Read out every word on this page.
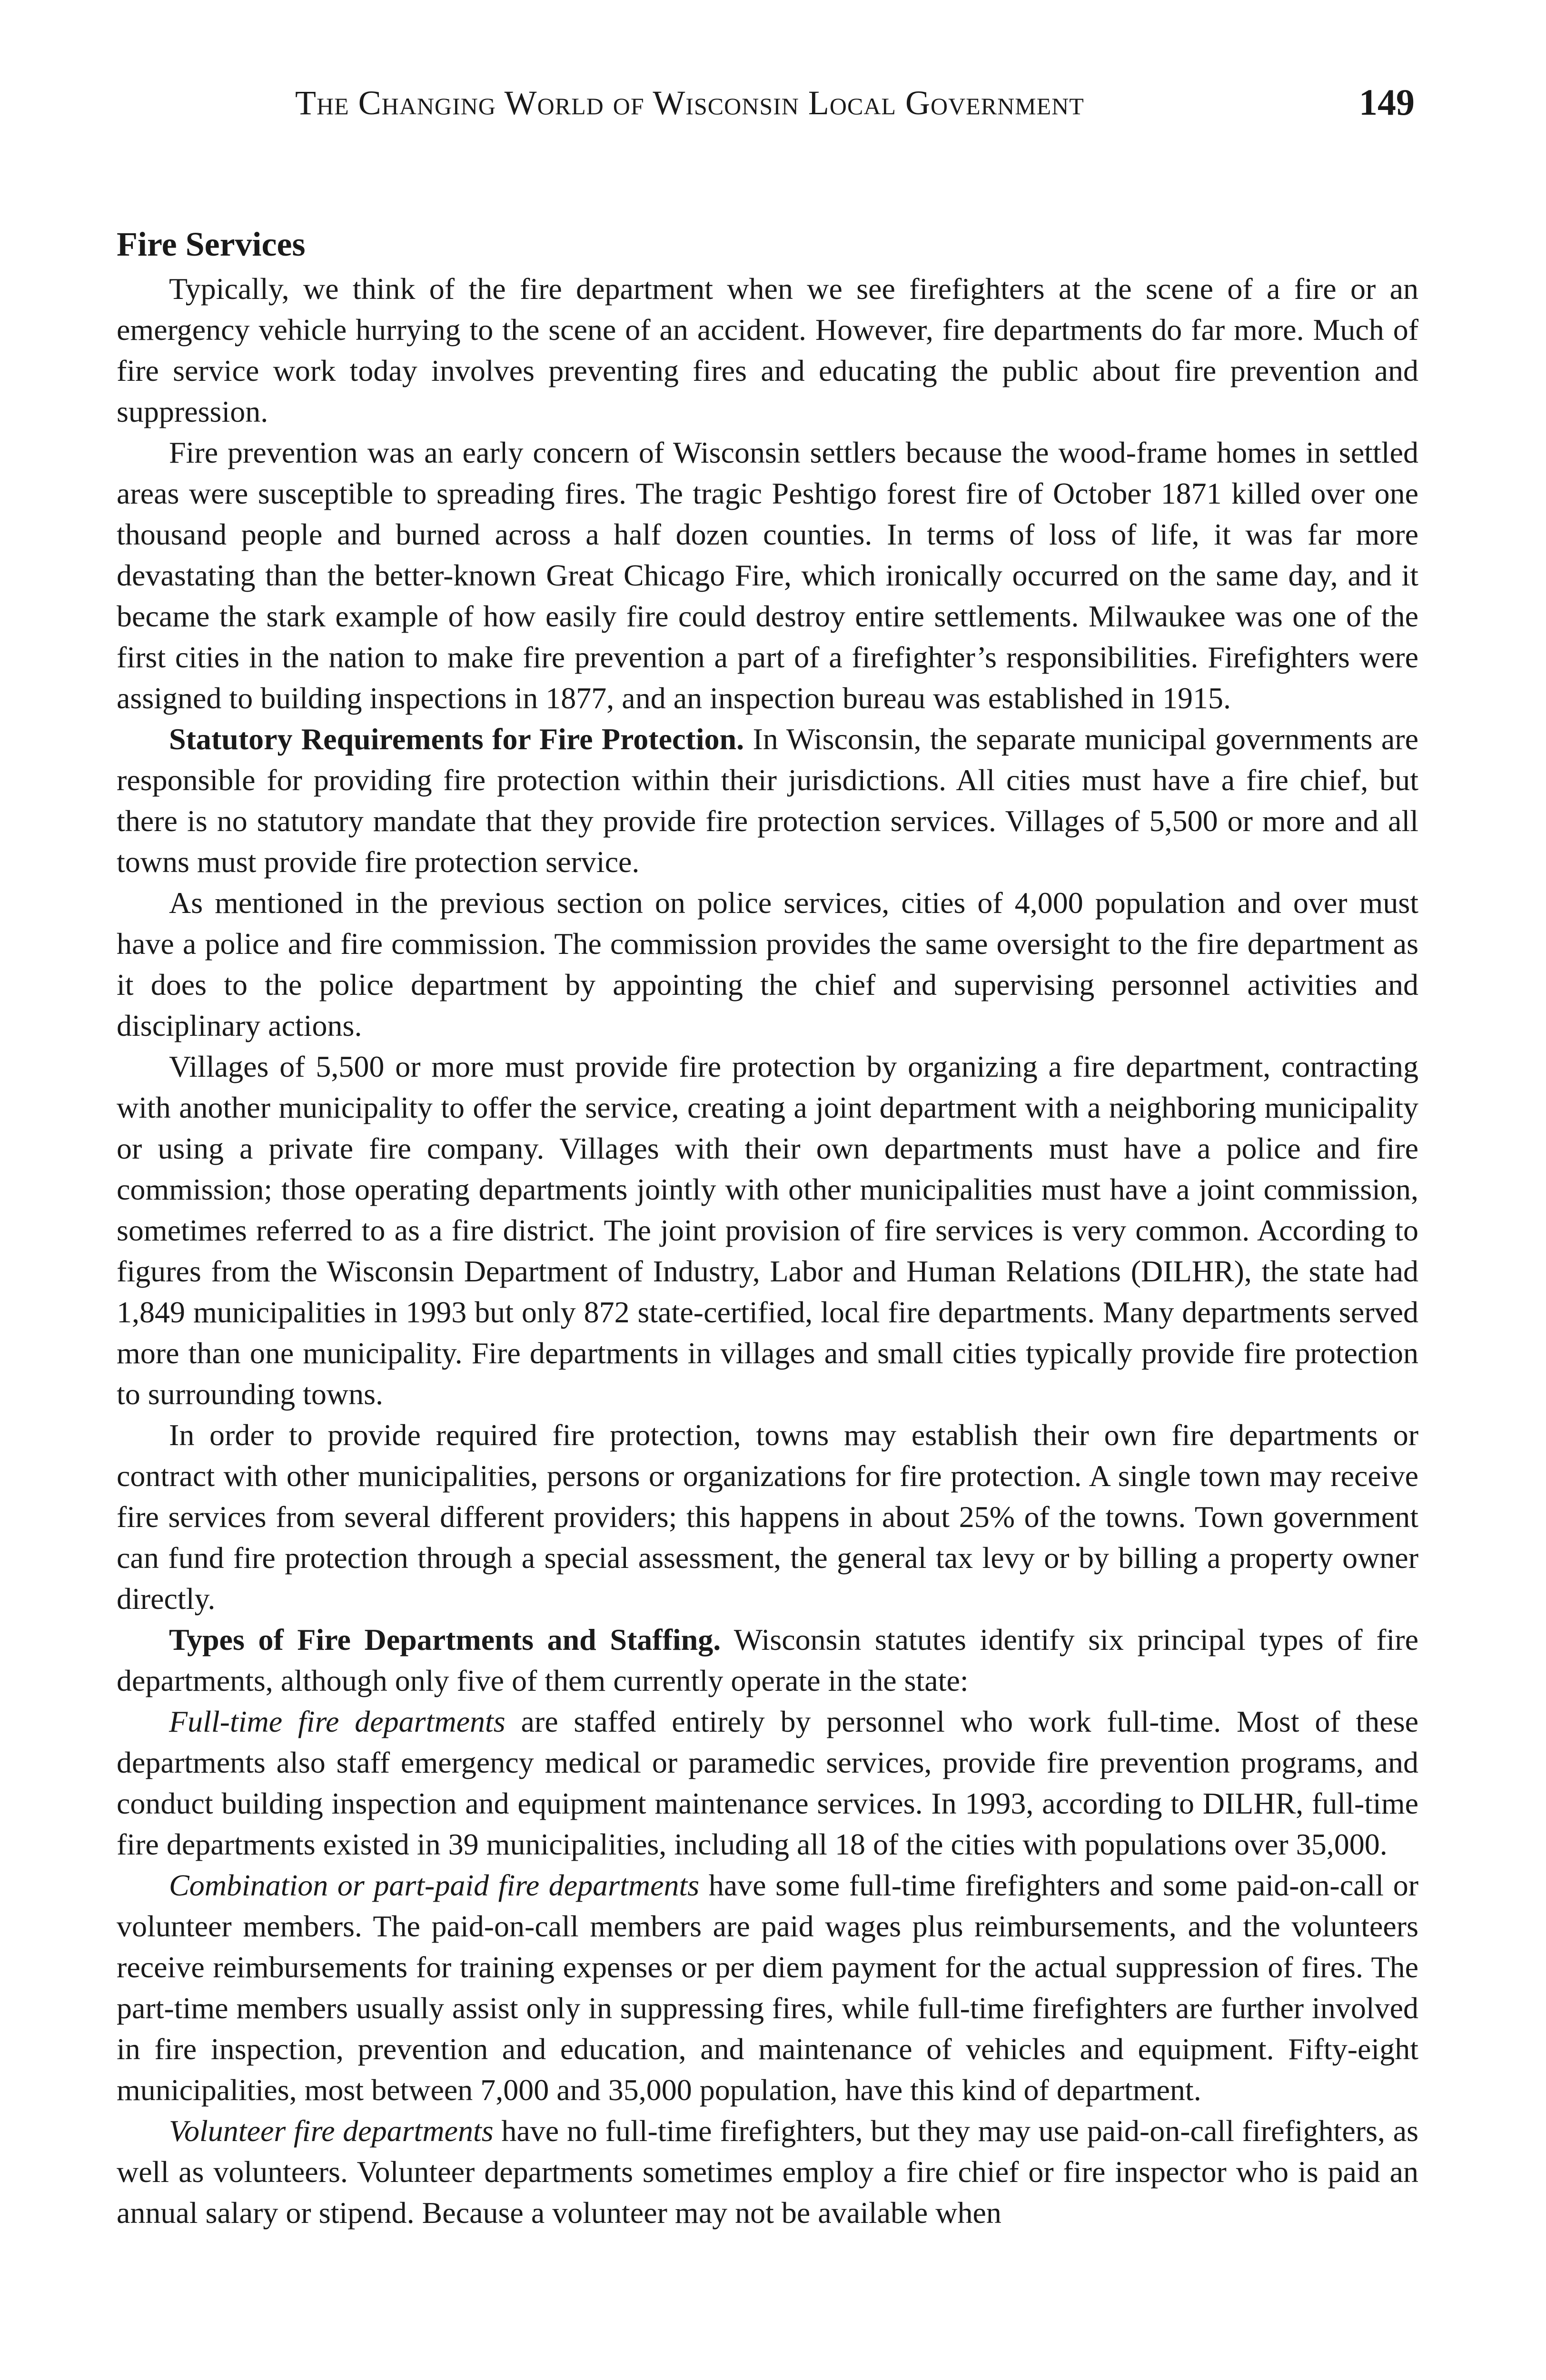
The Changing World of Wisconsin Local Government	149
Fire Services

Typically, we think of the fire department when we see firefighters at the scene of a fire or an emergency vehicle hurrying to the scene of an accident. However, fire departments do far more. Much of fire service work today involves preventing fires and educating the public about fire prevention and suppression.

Fire prevention was an early concern of Wisconsin settlers because the wood-frame homes in settled areas were susceptible to spreading fires. The tragic Peshtigo forest fire of October 1871 killed over one thousand people and burned across a half dozen counties. In terms of loss of life, it was far more devastating than the better-known Great Chicago Fire, which ironically occurred on the same day, and it became the stark example of how easily fire could destroy entire settlements. Milwaukee was one of the first cities in the nation to make fire prevention a part of a firefighter’s responsibilities. Firefighters were assigned to building inspections in 1877, and an inspection bureau was established in 1915.

Statutory Requirements for Fire Protection. In Wisconsin, the separate municipal governments are responsible for providing fire protection within their jurisdictions. All cities must have a fire chief, but there is no statutory mandate that they provide fire protection services. Villages of 5,500 or more and all towns must provide fire protection service.

As mentioned in the previous section on police services, cities of 4,000 population and over must have a police and fire commission. The commission provides the same oversight to the fire department as it does to the police department by appointing the chief and supervising personnel activities and disciplinary actions.

Villages of 5,500 or more must provide fire protection by organizing a fire department, contracting with another municipality to offer the service, creating a joint department with a neighboring municipality or using a private fire company. Villages with their own departments must have a police and fire commission; those operating departments jointly with other municipalities must have a joint commission, sometimes referred to as a fire district. The joint provision of fire services is very common. According to figures from the Wisconsin Department of Industry, Labor and Human Relations (DILHR), the state had 1,849 municipalities in 1993 but only 872 state-certified, local fire departments. Many departments served more than one municipality. Fire departments in villages and small cities typically provide fire protection to surrounding towns.

In order to provide required fire protection, towns may establish their own fire departments or contract with other municipalities, persons or organizations for fire protection. A single town may receive fire services from several different providers; this happens in about 25% of the towns. Town government can fund fire protection through a special assessment, the general tax levy or by billing a property owner directly.

Types of Fire Departments and Staffing. Wisconsin statutes identify six principal types of fire departments, although only five of them currently operate in the state:

Full-time fire departments are staffed entirely by personnel who work full-time. Most of these departments also staff emergency medical or paramedic services, provide fire prevention programs, and conduct building inspection and equipment maintenance services. In 1993, according to DILHR, full-time fire departments existed in 39 municipalities, including all 18 of the cities with populations over 35,000.

Combination or part-paid fire departments have some full-time firefighters and some paid-on-call or volunteer members. The paid-on-call members are paid wages plus reimbursements, and the volunteers receive reimbursements for training expenses or per diem payment for the actual suppression of fires. The part-time members usually assist only in suppressing fires, while full-time firefighters are further involved in fire inspection, prevention and education, and maintenance of vehicles and equipment. Fifty-eight municipalities, most between 7,000 and 35,000 population, have this kind of department.

Volunteer fire departments have no full-time firefighters, but they may use paid-on-call firefighters, as well as volunteers. Volunteer departments sometimes employ a fire chief or fire inspector who is paid an annual salary or stipend. Because a volunteer may not be available when
